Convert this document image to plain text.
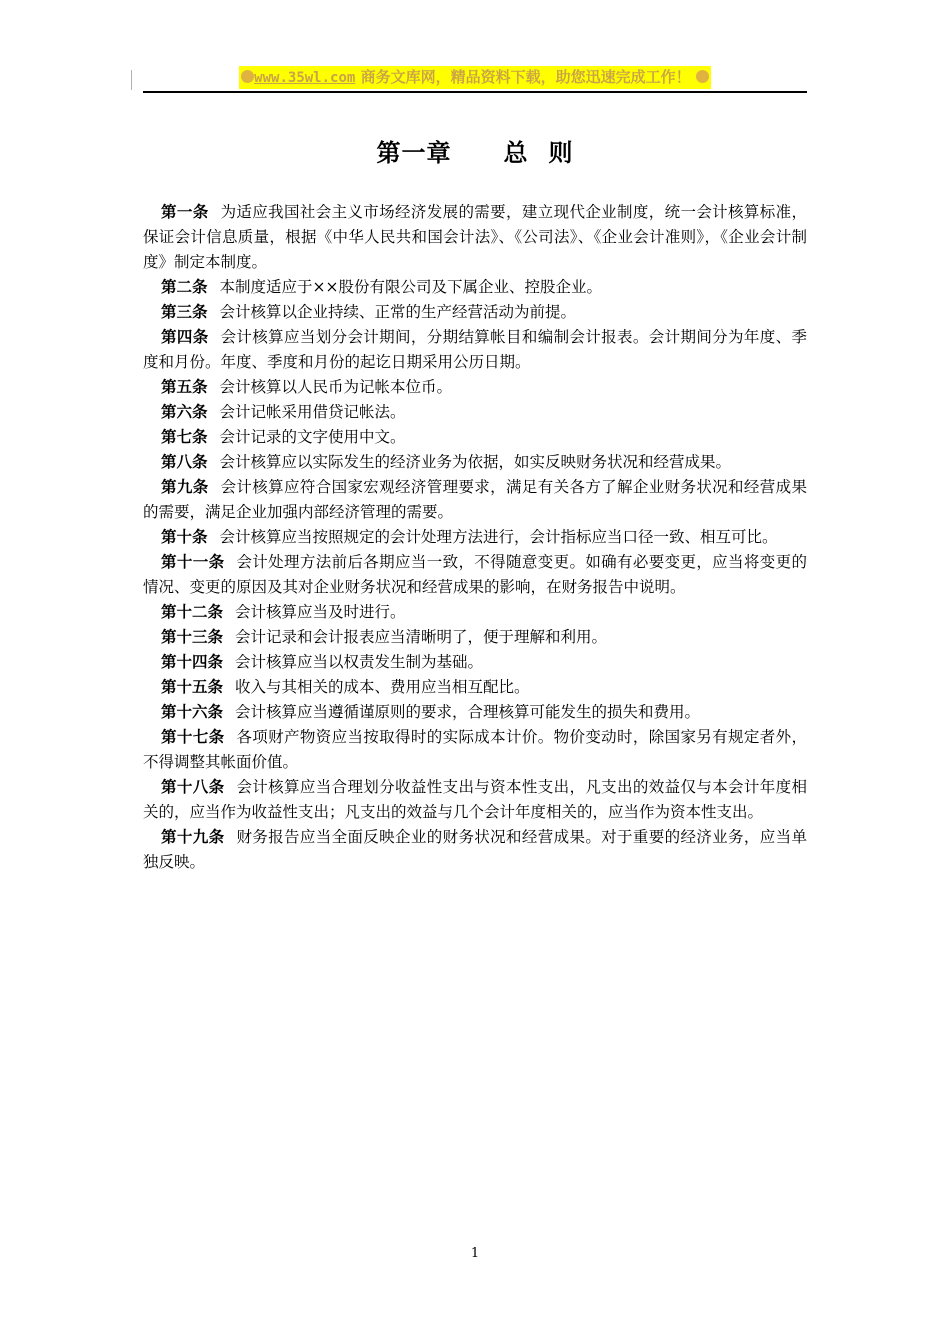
www.35wl.com 商务文库网，精品资料下载，助您迅速完成工作！
第一章 总 则

第一条 为适应我国社会主义市场经济发展的需要，建立现代企业制度，统一会计核算标准，保证会计信息质量，根据《中华人民共和国会计法》、《公司法》、《企业会计准则》，《企业会计制度》制定本制度。

第二条 本制度适应于××股份有限公司及下属企业、控股企业。

第三条 会计核算以企业持续、正常的生产经营活动为前提。

第四条 会计核算应当划分会计期间，分期结算帐目和编制会计报表。会计期间分为年度、季度和月份。年度、季度和月份的起讫日期采用公历日期。

第五条 会计核算以人民币为记帐本位币。

第六条 会计记帐采用借贷记帐法。

第七条 会计记录的文字使用中文。

第八条 会计核算应以实际发生的经济业务为依据，如实反映财务状况和经营成果。

第九条 会计核算应符合国家宏观经济管理要求，满足有关各方了解企业财务状况和经营成果的需要，满足企业加强内部经济管理的需要。

第十条 会计核算应当按照规定的会计处理方法进行，会计指标应当口径一致、相互可比。

第十一条 会计处理方法前后各期应当一致，不得随意变更。如确有必要变更，应当将变更的情况、变更的原因及其对企业财务状况和经营成果的影响，在财务报告中说明。

第十二条 会计核算应当及时进行。

第十三条 会计记录和会计报表应当清晰明了，便于理解和利用。

第十四条 会计核算应当以权责发生制为基础。

第十五条 收入与其相关的成本、费用应当相互配比。

第十六条 会计核算应当遵循谨原则的要求，合理核算可能发生的损失和费用。

第十七条 各项财产物资应当按取得时的实际成本计价。物价变动时，除国家另有规定者外，不得调整其帐面价值。

第十八条 会计核算应当合理划分收益性支出与资本性支出，凡支出的效益仅与本会计年度相关的，应当作为收益性支出；凡支出的效益与几个会计年度相关的，应当作为资本性支出。

第十九条 财务报告应当全面反映企业的财务状况和经营成果。对于重要的经济业务，应当单独反映。

1
